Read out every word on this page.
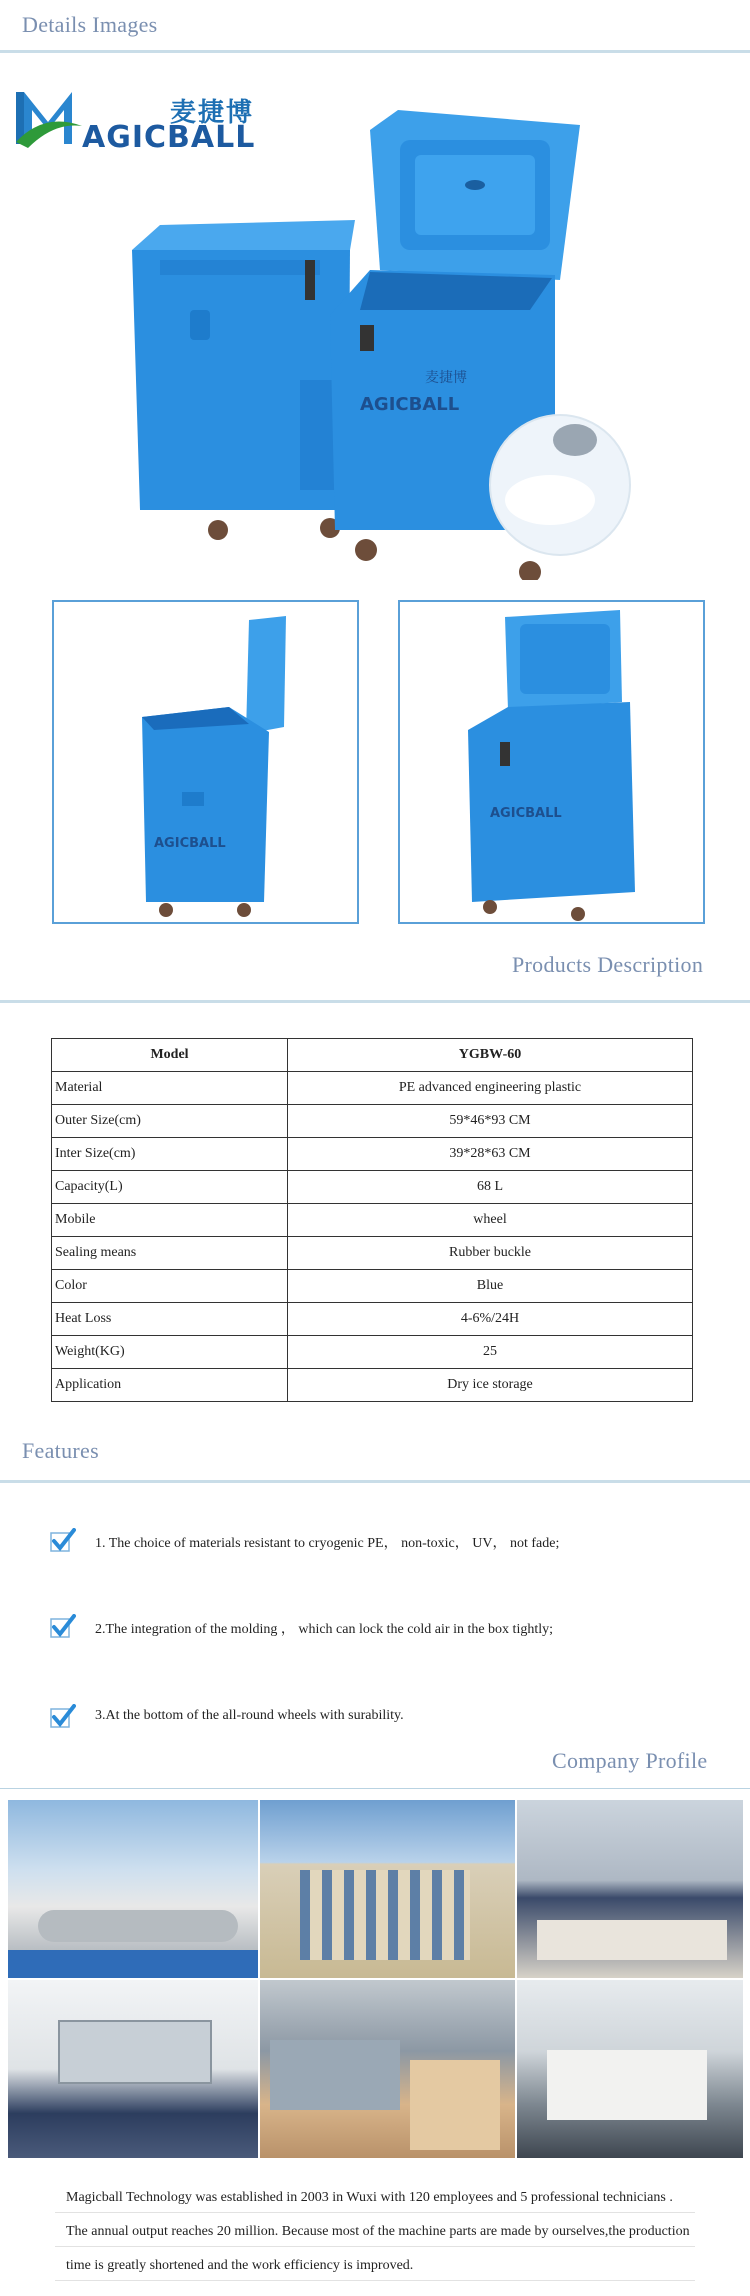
Details Images
麦捷博
AGICBALL
AGICBALL
麦捷博
AGICBALL
AGICBALL
Products Description
Model	YGBW-60
Material	PE advanced engineering plastic
Outer Size(cm)	59*46*93 CM
Inter Size(cm)	39*28*63 CM
Capacity(L)	68 L
Mobile	wheel
Sealing means	Rubber buckle
Color	Blue
Heat Loss	4-6%/24H
Weight(KG)	25
Application	Dry ice storage
Features
1. The choice of materials resistant to cryogenic PE， non-toxic， UV， not fade;
2.The integration of the molding ， which can lock the cold air in the box tightly;
3.At the bottom of the all-round wheels with surability.
Company Profile
Magicball Technology was established in 2003 in Wuxi with 120 employees and 5 professional technicians .
The annual output reaches 20 million. Because most of the machine parts are made by ourselves,the production
time is greatly shortened and the work efficiency is improved.
